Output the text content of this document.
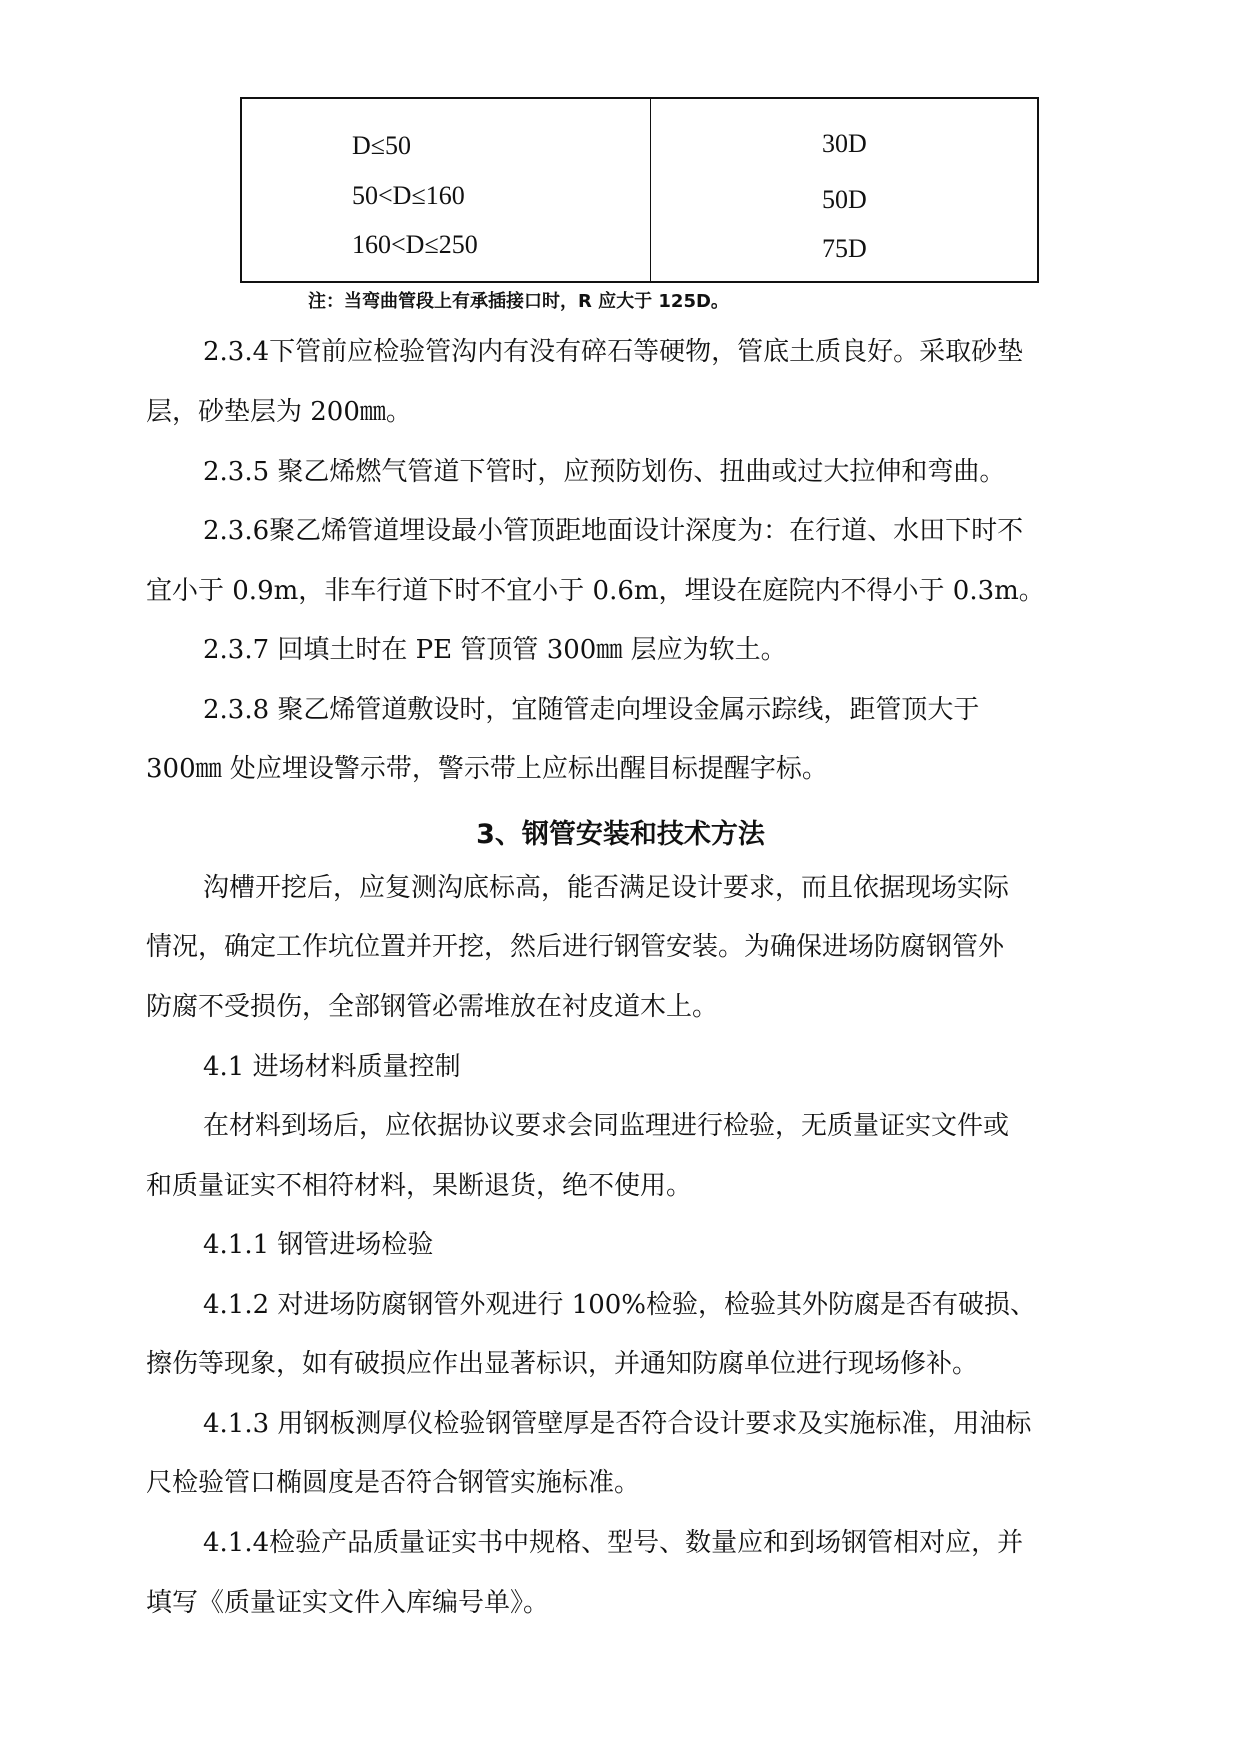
D≤50
50<D≤160
160<D≤250
30D
50D
75D
注：当弯曲管段上有承插接口时，R 应大于 125D。
2.3.4下管前应检验管沟内有没有碎石等硬物，管底土质良好。采取砂垫
层，砂垫层为 200㎜。
2.3.5 聚乙烯燃气管道下管时，应预防划伤、扭曲或过大拉伸和弯曲。
2.3.6聚乙烯管道埋设最小管顶距地面设计深度为：在行道、水田下时不
宜小于 0.9m，非车行道下时不宜小于 0.6m，埋设在庭院内不得小于 0.3m。
2.3.7 回填土时在 PE 管顶管 300㎜ 层应为软土。
2.3.8 聚乙烯管道敷设时，宜随管走向埋设金属示踪线，距管顶大于
300㎜ 处应埋设警示带，警示带上应标出醒目标提醒字标。
3、钢管安装和技术方法
沟槽开挖后，应复测沟底标高，能否满足设计要求，而且依据现场实际
情况，确定工作坑位置并开挖，然后进行钢管安装。为确保进场防腐钢管外
防腐不受损伤，全部钢管必需堆放在衬皮道木上。
4.1 进场材料质量控制
在材料到场后，应依据协议要求会同监理进行检验，无质量证实文件或
和质量证实不相符材料，果断退货，绝不使用。
4.1.1 钢管进场检验
4.1.2 对进场防腐钢管外观进行 100%检验，检验其外防腐是否有破损、
擦伤等现象，如有破损应作出显著标识，并通知防腐单位进行现场修补。
4.1.3 用钢板测厚仪检验钢管壁厚是否符合设计要求及实施标准，用油标
尺检验管口椭圆度是否符合钢管实施标准。
4.1.4检验产品质量证实书中规格、型号、数量应和到场钢管相对应，并
填写《质量证实文件入库编号单》。
